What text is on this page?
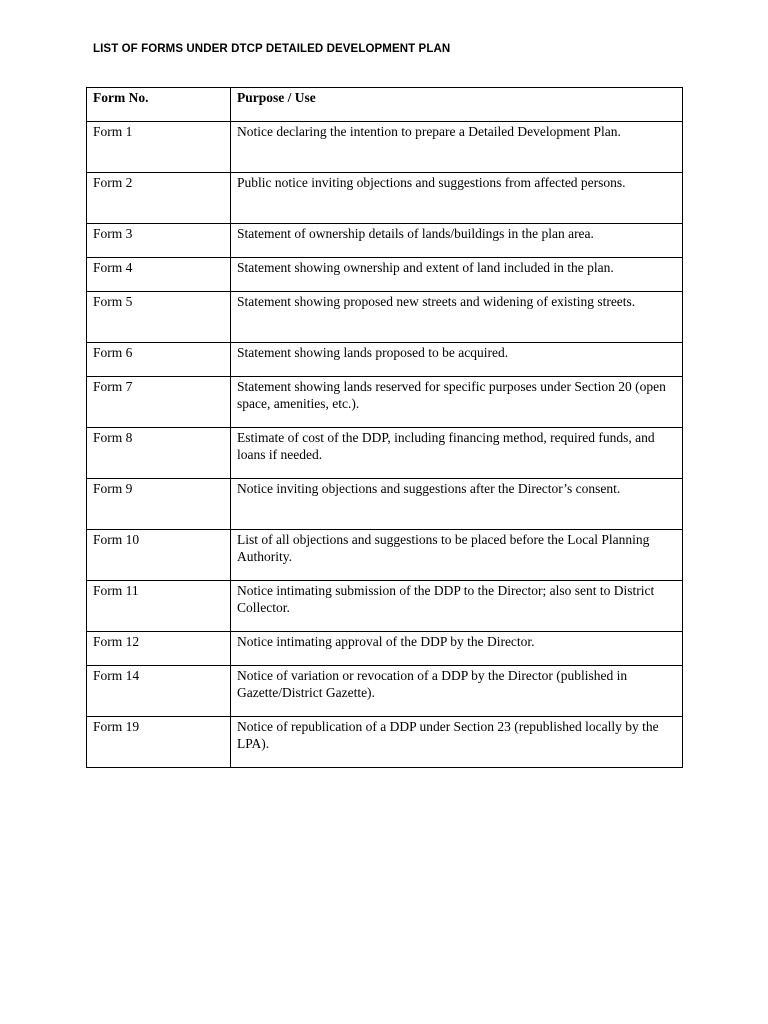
LIST OF FORMS UNDER DTCP DETAILED DEVELOPMENT PLAN
Form No.	Purpose / Use
Form 1	Notice declaring the intention to prepare a Detailed Development Plan.
Form 2	Public notice inviting objections and suggestions from affected persons.
Form 3	Statement of ownership details of lands/buildings in the plan area.
Form 4	Statement showing ownership and extent of land included in the plan.
Form 5	Statement showing proposed new streets and widening of existing streets.
Form 6	Statement showing lands proposed to be acquired.
Form 7	Statement showing lands reserved for specific purposes under Section 20 (open space, amenities, etc.).
Form 8	Estimate of cost of the DDP, including financing method, required funds, and loans if needed.
Form 9	Notice inviting objections and suggestions after the Director’s consent.
Form 10	List of all objections and suggestions to be placed before the Local Planning Authority.
Form 11	Notice intimating submission of the DDP to the Director; also sent to District Collector.
Form 12	Notice intimating approval of the DDP by the Director.
Form 14	Notice of variation or revocation of a DDP by the Director (published in Gazette/District Gazette).
Form 19	Notice of republication of a DDP under Section 23 (republished locally by the LPA).
